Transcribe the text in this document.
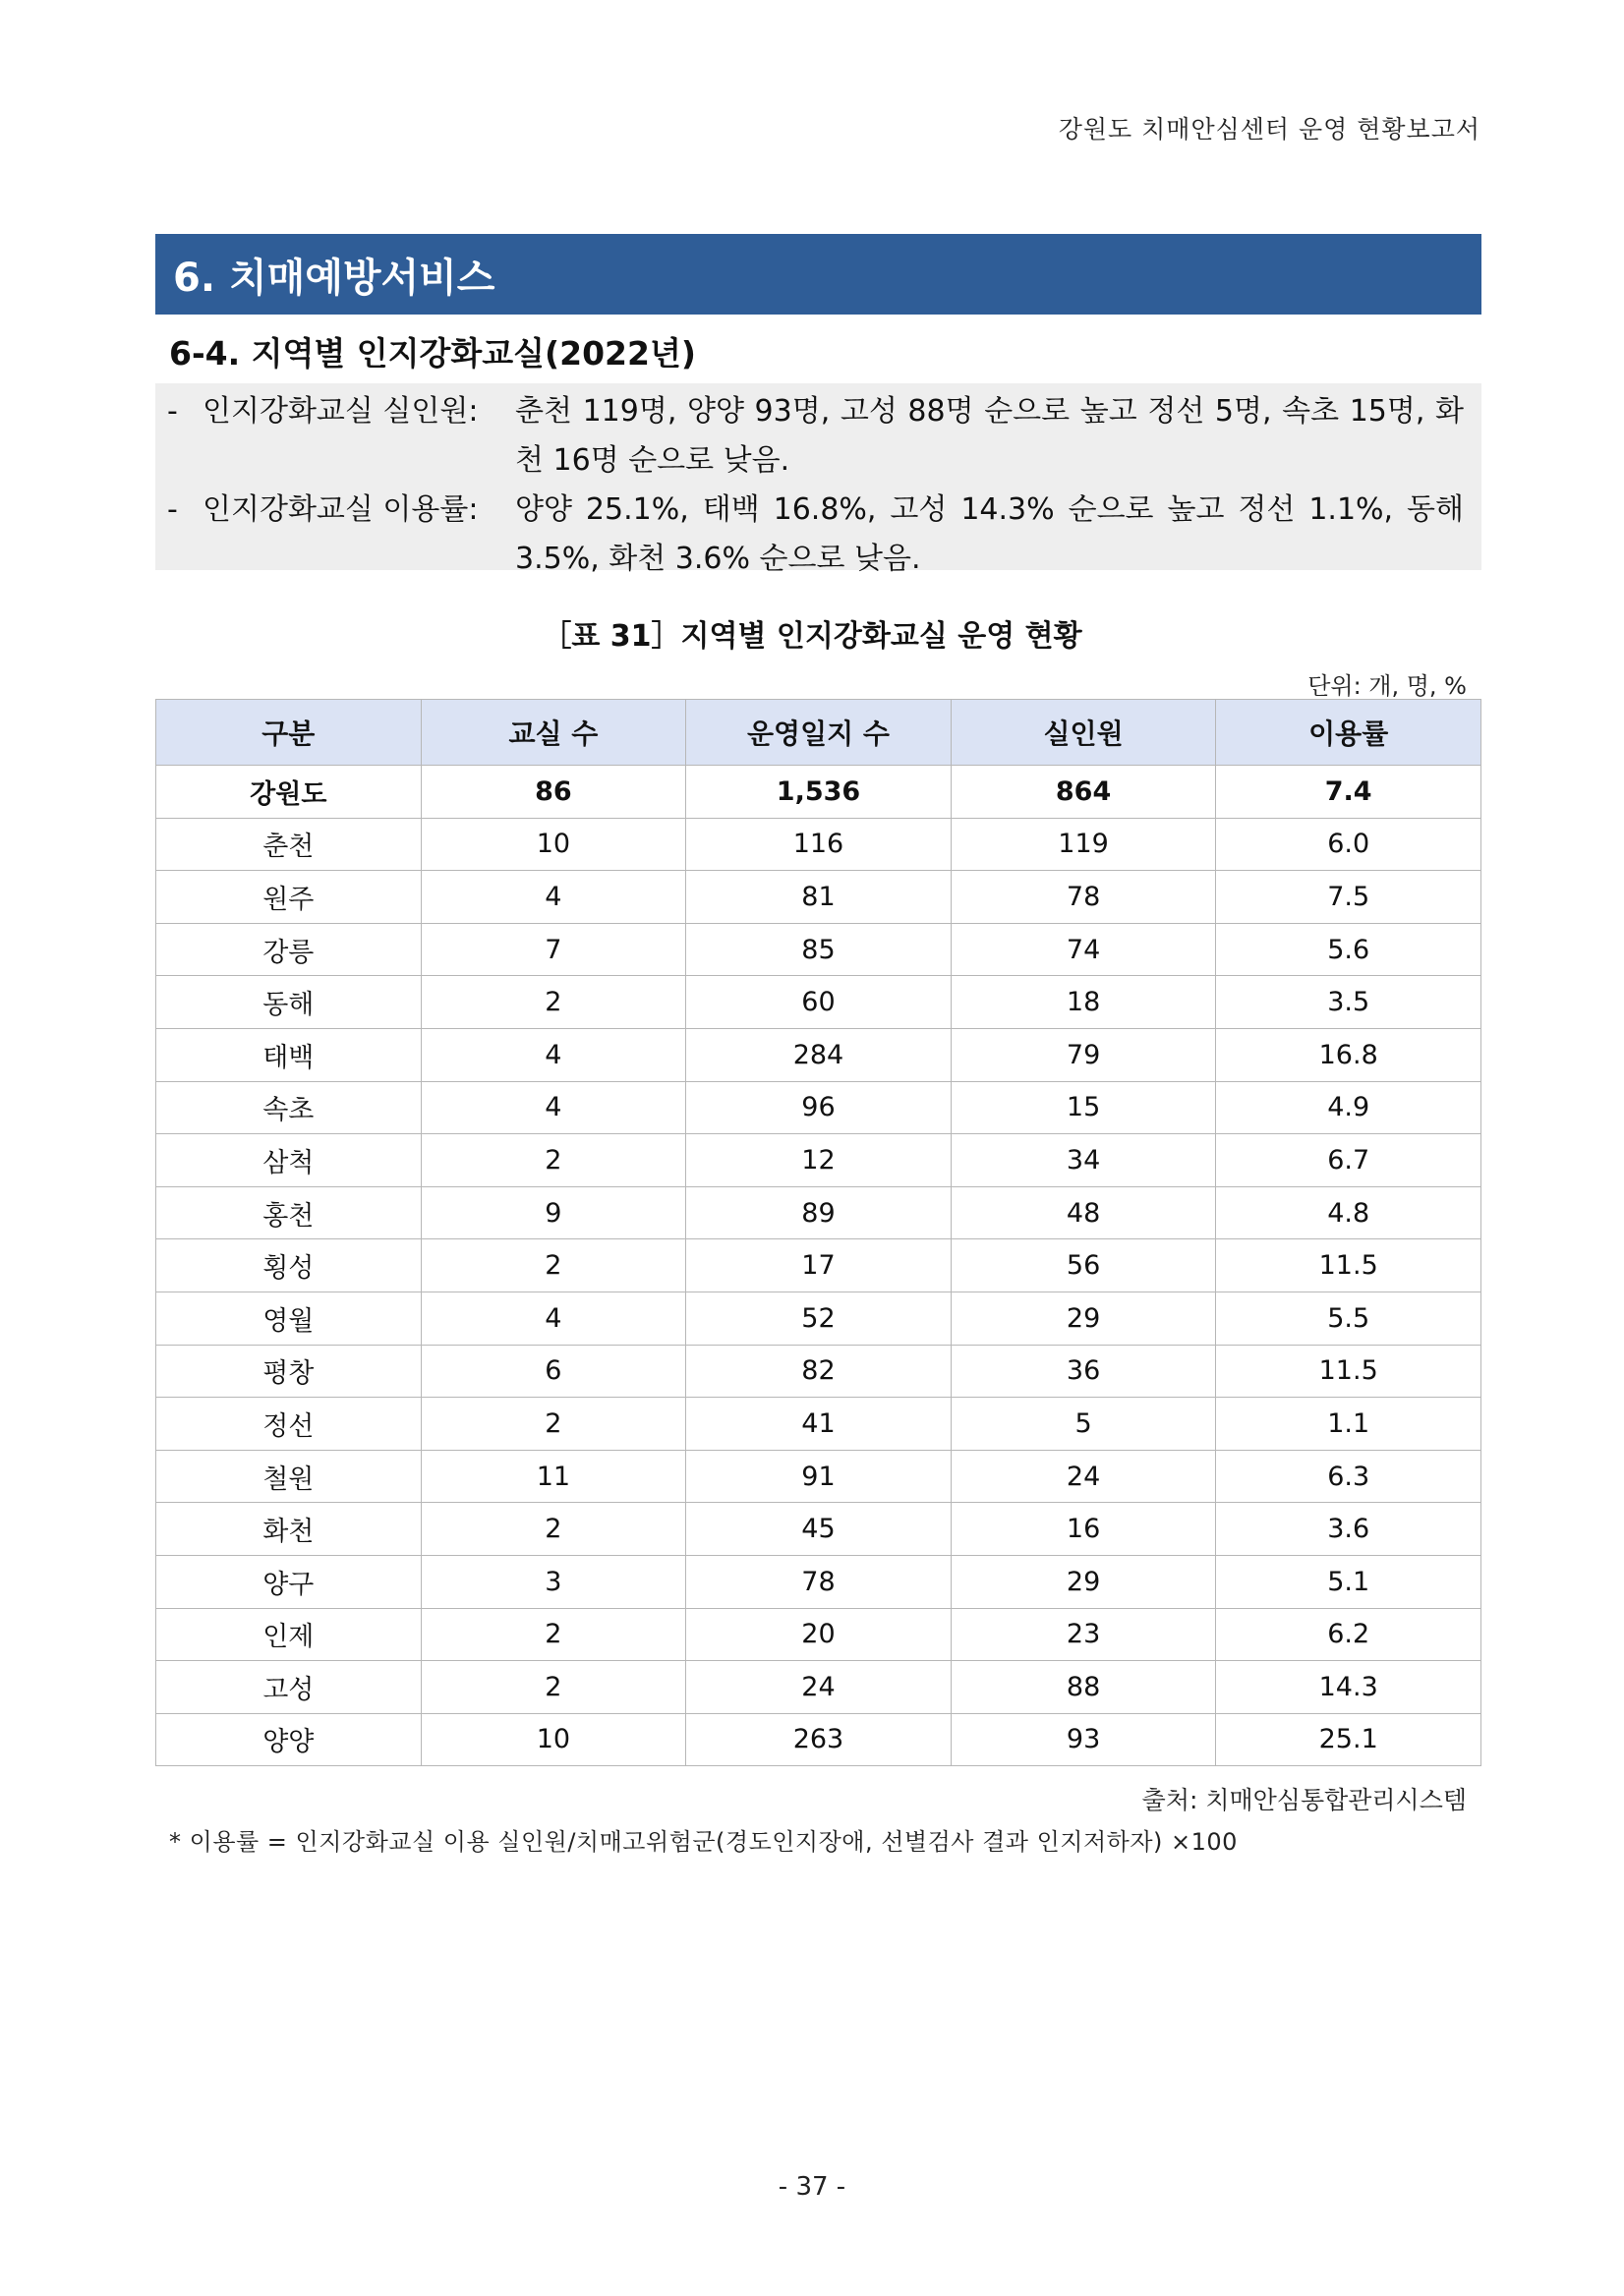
강원도 치매안심센터 운영 현황보고서
6. 치매예방서비스
6-4. 지역별 인지강화교실(2022년)
- 인지강화교실 실인원:	춘천 119명, 양양 93명, 고성 88명 순으로 높고 정선 5명, 속초 15명, 화천 16명 순으로 낮음.
- 인지강화교실 이용률:	양양 25.1%, 태백 16.8%, 고성 14.3% 순으로 높고 정선 1.1%, 동해 3.5%, 화천 3.6% 순으로 낮음.
［표 31］지역별 인지강화교실 운영 현황
단위: 개, 명, %
구분	교실 수	운영일지 수	실인원	이용률
강원도	86	1,536	864	7.4
춘천	10	116	119	6.0
원주	4	81	78	7.5
강릉	7	85	74	5.6
동해	2	60	18	3.5
태백	4	284	79	16.8
속초	4	96	15	4.9
삼척	2	12	34	6.7
홍천	9	89	48	4.8
횡성	2	17	56	11.5
영월	4	52	29	5.5
평창	6	82	36	11.5
정선	2	41	5	1.1
철원	11	91	24	6.3
화천	2	45	16	3.6
양구	3	78	29	5.1
인제	2	20	23	6.2
고성	2	24	88	14.3
양양	10	263	93	25.1
출처: 치매안심통합관리시스템
* 이용률 = 인지강화교실 이용 실인원/치매고위험군(경도인지장애, 선별검사 결과 인지저하자) ×100
- 37 -
